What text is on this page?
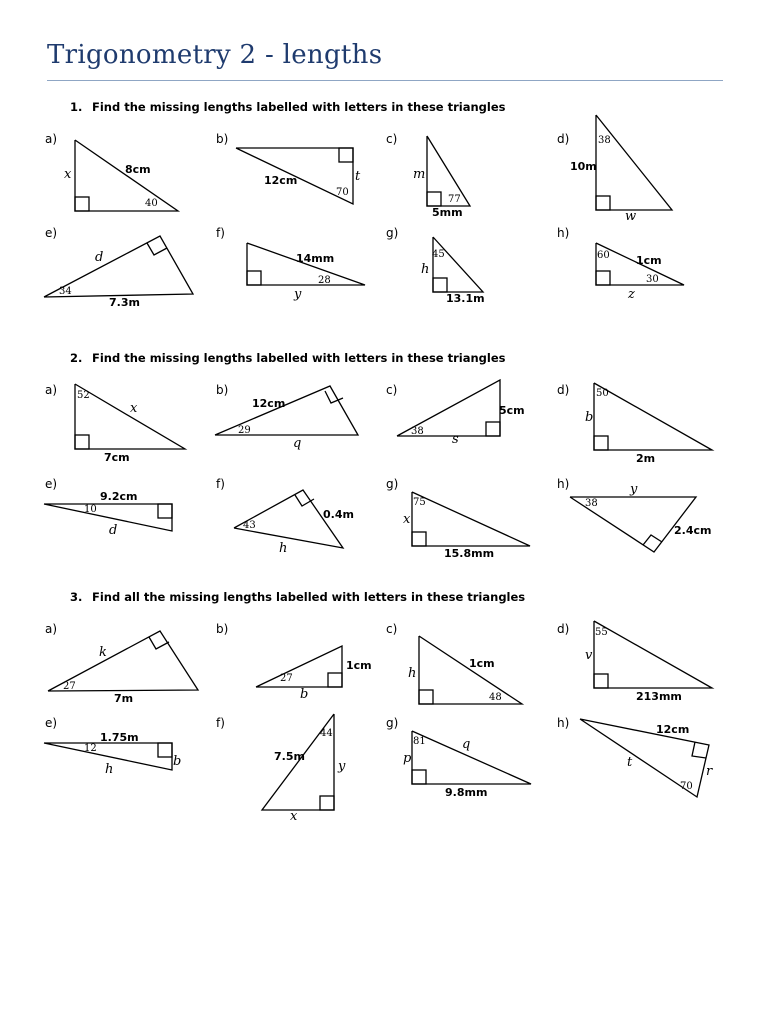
Trigonometry 2 - lengths
1. Find the missing lengths labelled with letters in these triangles
2. Find the missing lengths labelled with letters in these triangles
3. Find all the missing lengths labelled with letters in these triangles
a)	b)	c)	d)
e)	f)	g)	h)
a)	b)	c)	d)
e)	f)	g)	h)
a)	b)	c)	d)
e)	f)	g)	h)
8cm
x
40
12cm	t
70
m
5mm
77
10m
w
38
d
7.3m
34
14mm
y
28
h
13.1m
45	1cm
z
60
30
x
7cm
52
12cm
q
29
5cm
s
38
b
2m
50
9.2cm
d
10	0.4m
h
43	x
15.8mm
75
y
2.4cm
38
k
7m
27
1cm
b
27
1cm
h
48
v
213mm
55
1.75m
h
b
12
7.5m
y
x
44
p
q
9.8mm
81
12cm
t
r
70
